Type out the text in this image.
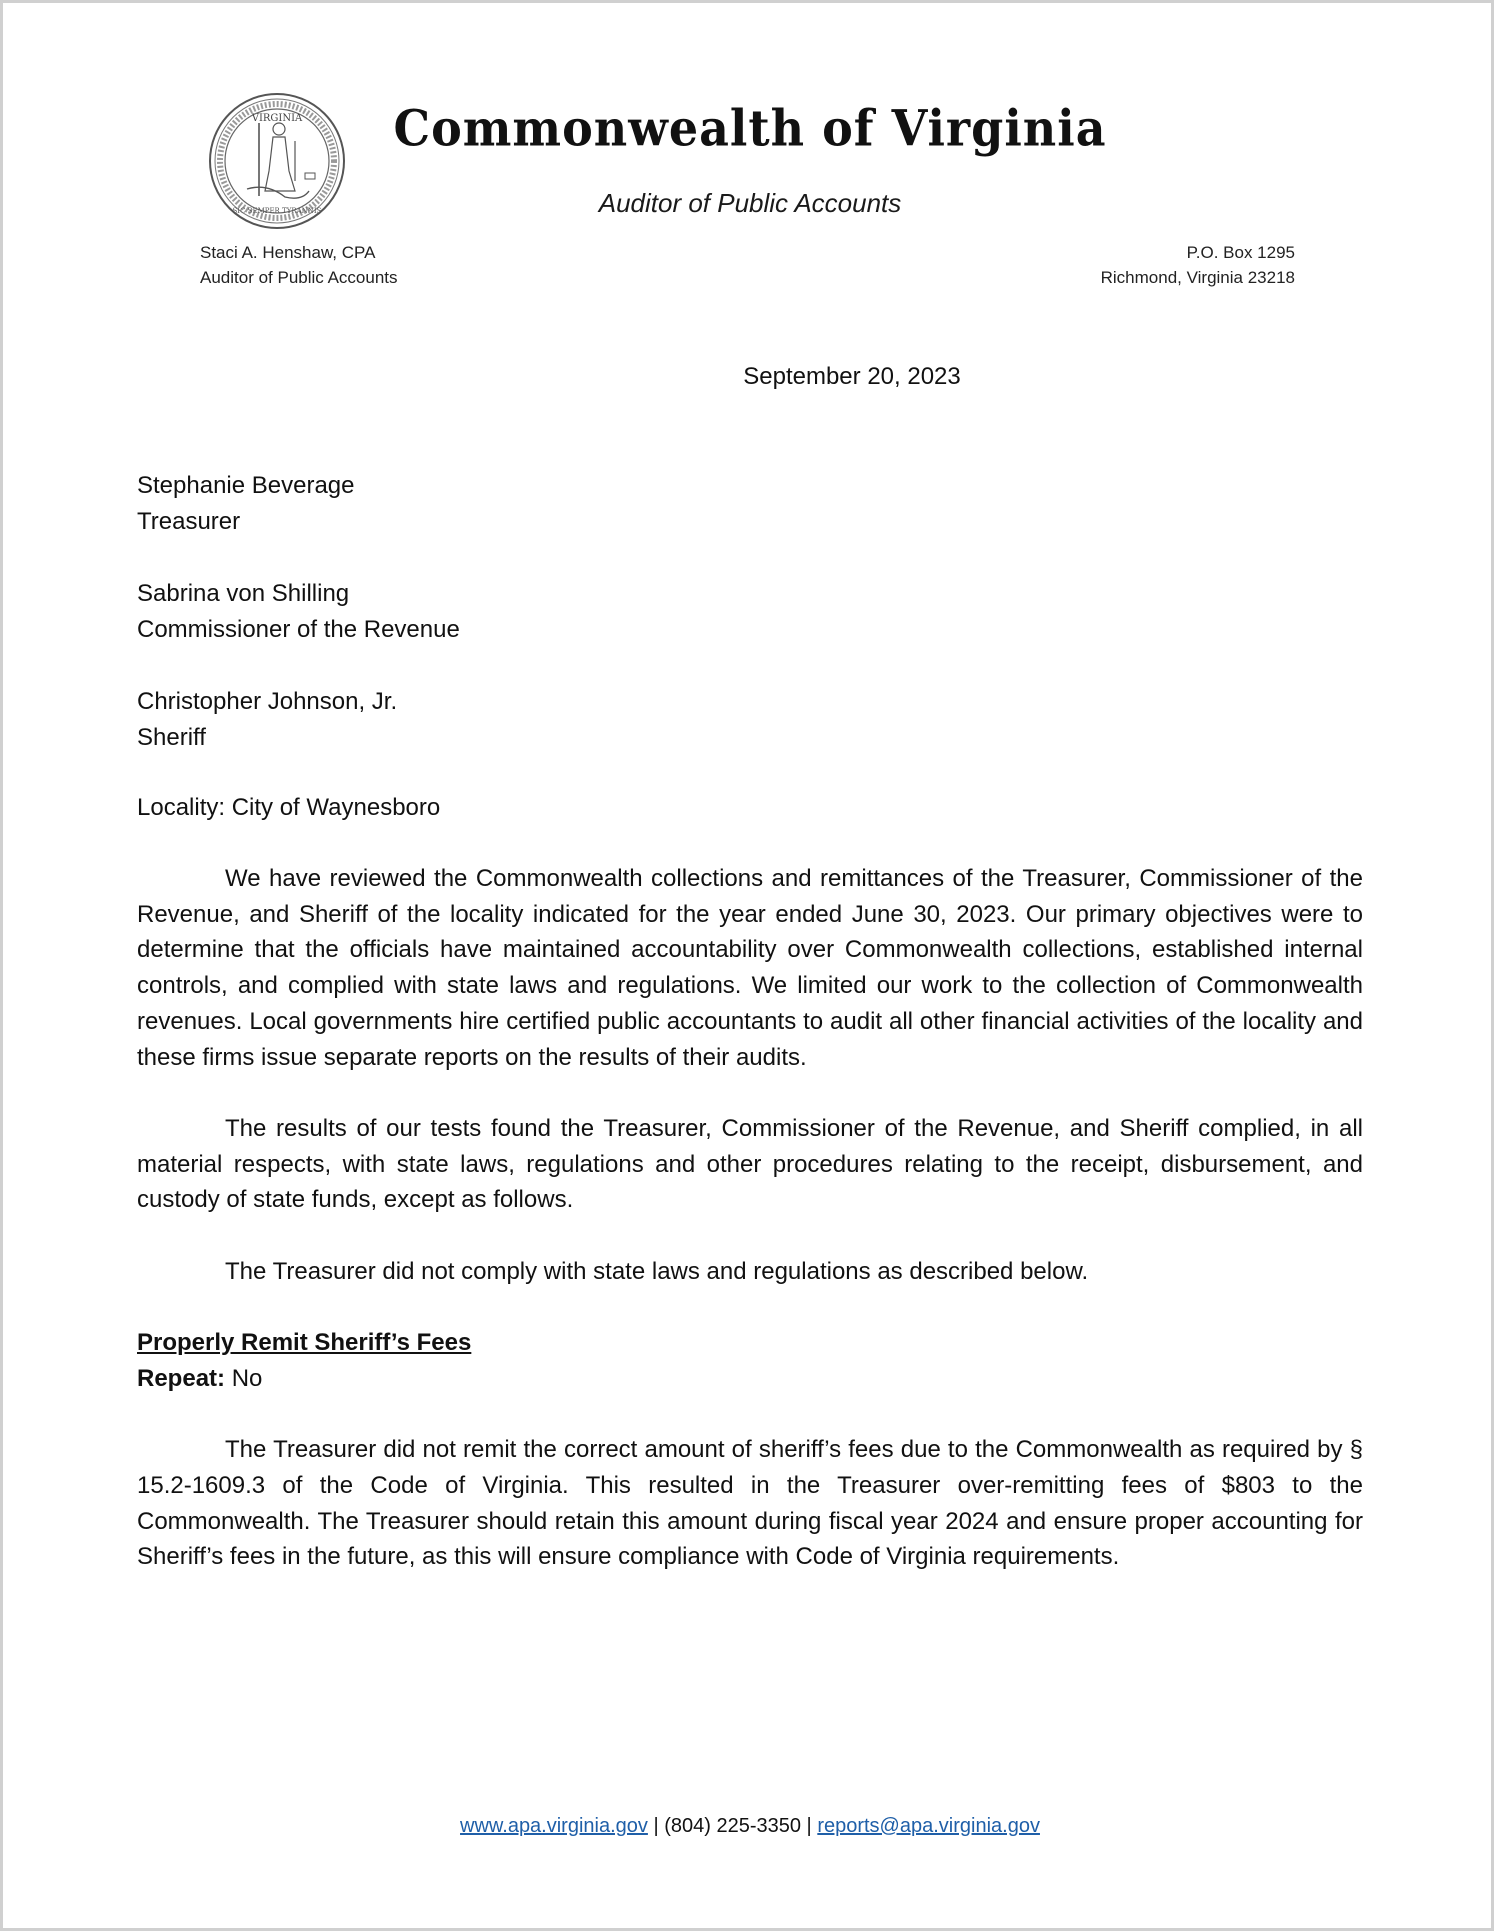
VIRGINIA
SIC SEMPER TYRANNIS
Commonwealth of Virginia
Auditor of Public Accounts
Staci A. Henshaw, CPA
Auditor of Public Accounts
P.O. Box 1295
Richmond, Virginia 23218
September 20, 2023
Stephanie Beverage
Treasurer
Sabrina von Shilling
Commissioner of the Revenue
Christopher Johnson, Jr.
Sheriff
Locality: City of Waynesboro

We have reviewed the Commonwealth collections and remittances of the Treasurer, Commissioner of the Revenue, and Sheriff of the locality indicated for the year ended June 30, 2023. Our primary objectives were to determine that the officials have maintained accountability over Commonwealth collections, established internal controls, and complied with state laws and regulations. We limited our work to the collection of Commonwealth revenues. Local governments hire certified public accountants to audit all other financial activities of the locality and these firms issue separate reports on the results of their audits.

The results of our tests found the Treasurer, Commissioner of the Revenue, and Sheriff complied, in all material respects, with state laws, regulations and other procedures relating to the receipt, disbursement, and custody of state funds, except as follows.

The Treasurer did not comply with state laws and regulations as described below.

Properly Remit Sheriff’s Fees

Repeat: No

The Treasurer did not remit the correct amount of sheriff’s fees due to the Commonwealth as required by § 15.2-1609.3 of the Code of Virginia. This resulted in the Treasurer over-remitting fees of $803 to the Commonwealth. The Treasurer should retain this amount during fiscal year 2024 and ensure proper accounting for Sheriff’s fees in the future, as this will ensure compliance with Code of Virginia requirements.

www.apa.virginia.gov | (804) 225-3350 | reports@apa.virginia.gov
